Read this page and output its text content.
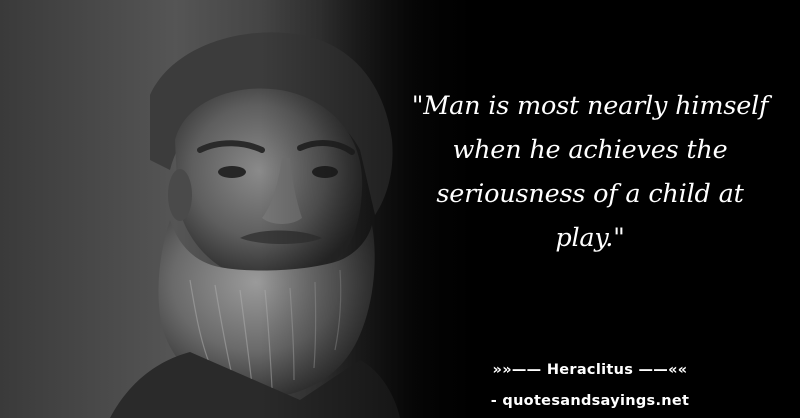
"Man is most nearly himself when he achieves the seriousness of a child at play."

»»—— Heraclitus ——««
- quotesandsayings.net
